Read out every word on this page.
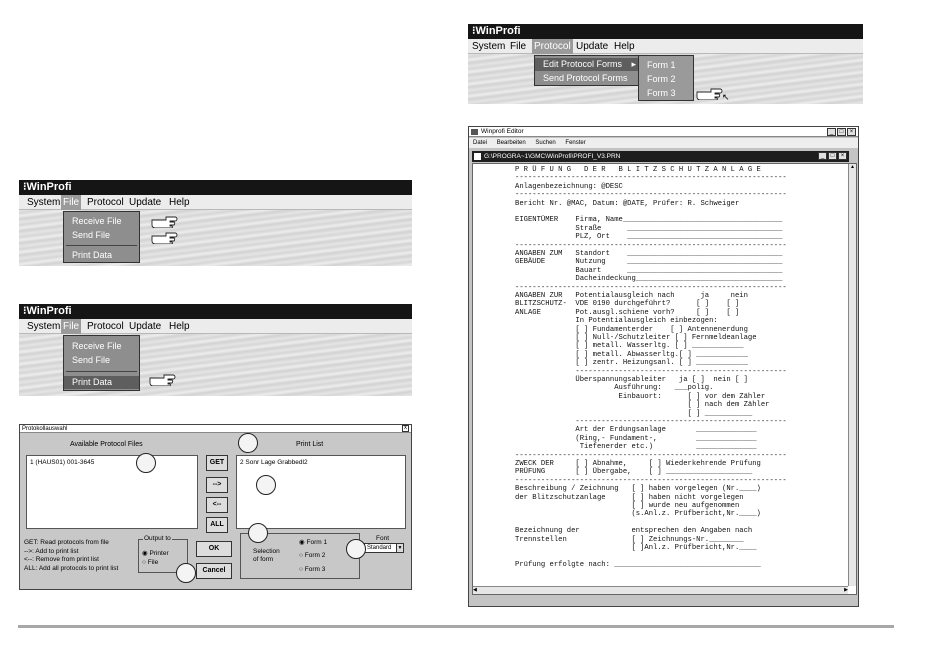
⁝WinProfi
System File Protocol Update Help
Edit Protocol Forms ▸
Send Protocol Forms
Form 1
Form 2
Form 3	↖
⁝WinProfi
System File Protocol Update Help
Receive File
Send File
Print Data
⁝WinProfi
System File Protocol Update Help
Receive File
Send File
Print Data
Protokollauswahl	x
Available Protocol Files
1 (HAUS01) 001-3645
Print List
2 Sonr Lage Grabbedl2
GET
-->
<--
ALL
GET: Read protocols from file
-->: Add to print list
<--: Remove from print list
ALL: Add all protocols to print list
Output to
◉ Printer
○ File
OK
Cancel
Selection
of form
◉ Form 1
○ Form 2
○ Form 3
Font
Standard	▼
Winprofi Editor	_	□	×
Datei Bearbeiten Suchen Fenster
G:\PROGRA~1\GMC\WinProfi\PROFI_V3.PRN	_	□	×
P R Ü F U N G   D E R   B L I T Z S C H U T Z A N L A G E
---------------------------------------------------------------
Anlagenbezeichnung: @DESC
---------------------------------------------------------------
Bericht Nr. @MAC, Datum: @DATE, Prüfer: R. Schweiger
EIGENTÜMER    Firma, Name_____________________________________
Straße      ____________________________________
PLZ, Ort    ____________________________________
---------------------------------------------------------------
ANGABEN ZUM   Standort    ____________________________________
GEBÄUDE       Nutzung     ____________________________________
Bauart      ____________________________________
Dacheindeckung__________________________________
---------------------------------------------------------------
ANGABEN ZUR   Potentialausgleich nach      ja     nein
BLITZSCHUTZ-  VDE 0190 durchgeführt?      [ ]    [ ]
ANLAGE        Pot.ausgl.schiene vorh?     [ ]    [ ]
In Potentialausgleich einbezogen:
[ ] Fundamenterder    [ ] Antennenerdung
[ ] Null-/Schutzleiter [ ] Fernmeldeanlage
[ ] metall. Wasserltg. [ ] ____________
[ ] metall. Abwasserltg.[ ] ____________
[ ] zentr. Heizungsanl. [ ] ____________
-------------------------------------------------
Überspannungsableiter   ja [ ]  nein [ ]
Ausführung:   ___polig.
Einbauort:      [ ] vor dem Zähler
[ ] nach dem Zähler
[ ] ___________
-------------------------------------------------
Art der Erdungsanlage       ______________
(Ring,- Fundament-,         ______________
Tiefenerder etc.)          ______________
---------------------------------------------------------------
ZWECK DER     [ ] Abnahme,     [ ] Wiederkehrende Prüfung
PRÜFUNG       [ ] Übergabe,    [ ] ____________________
---------------------------------------------------------------
Beschreibung / Zeichnung   [ ] haben vorgelegen (Nr.____)
der Blitzschutzanlage      [ ] haben nicht vorgelegen
[ ] wurde neu aufgenommen
(s.Anl.z. Prüfbericht,Nr.____)
Bezeichnung der            entsprechen den Angaben nach
Trennstellen               [ ] Zeichnungs-Nr.________
[ ]Anl.z. Prüfbericht,Nr.____
Prüfung erfolgte nach: __________________________________
▲
◀	▶
